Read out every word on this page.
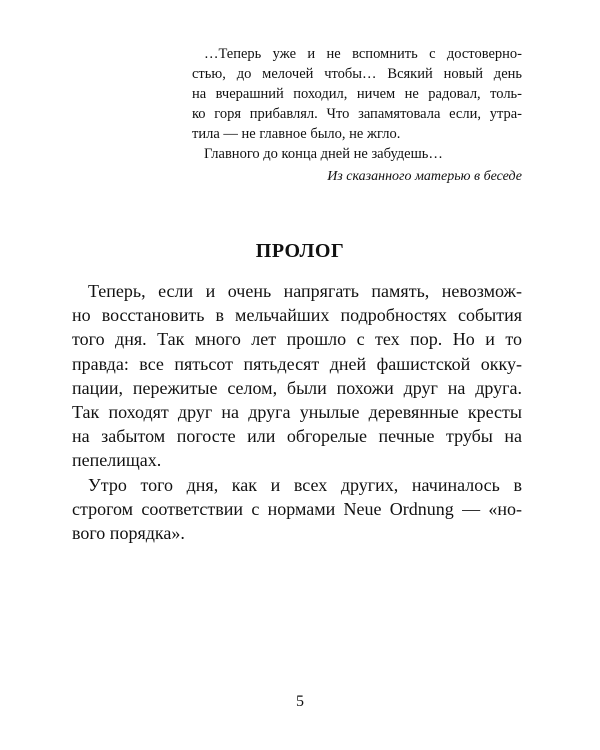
…Теперь уже и не вспомнить с достоверно-
стью, до мелочей чтобы… Всякий новый день
на вчерашний походил, ничем не радовал, толь-
ко горя прибавлял. Что запамятовала если, утра-
тила — не главное было, не жгло.
Главного до конца дней не забудешь…
Из сказанного матерью в беседе
ПРОЛОГ
Теперь, если и очень напрягать память, невозмож-
но восстановить в мельчайших подробностях события
того дня. Так много лет прошло с тех пор. Но и то
правда: все пятьсот пятьдесят дней фашистской окку-
пации, пережитые селом, были похожи друг на друга.
Так походят друг на друга унылые деревянные кресты
на забытом погосте или обгорелые печные трубы на
пепелищах.
Утро того дня, как и всех других, начиналось в
строгом соответствии с нормами Neue Ordnung — «но-
вого порядка».
5
